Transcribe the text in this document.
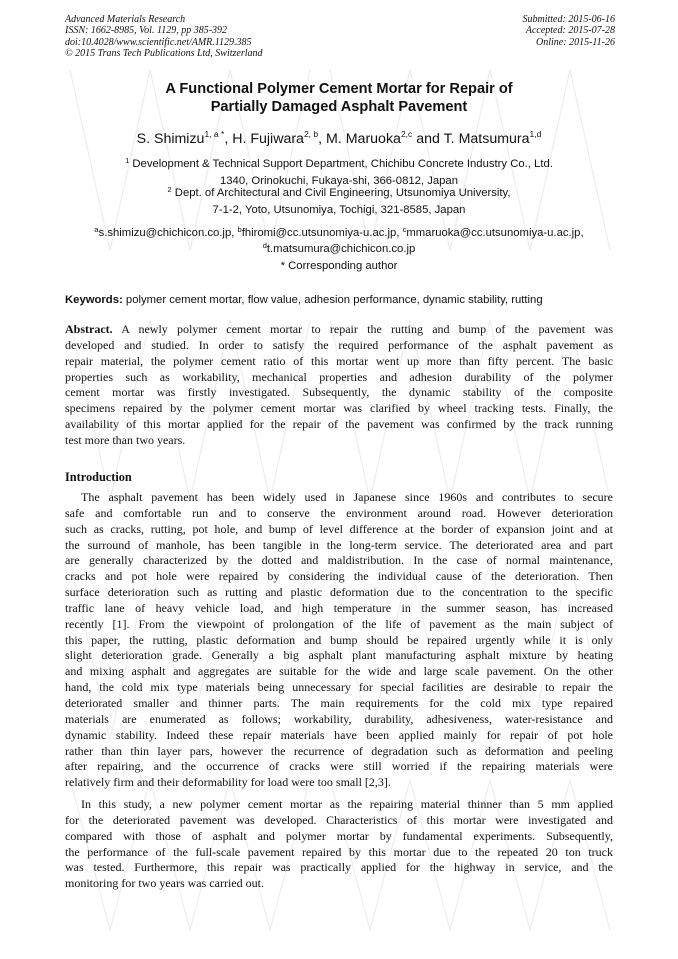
Advanced Materials Research
ISSN: 1662-8985, Vol. 1129, pp 385-392
doi:10.4028/www.scientific.net/AMR.1129.385
© 2015 Trans Tech Publications Ltd, Switzerland
Submitted: 2015-06-16
Accepted: 2015-07-28
Online: 2015-11-26
A Functional Polymer Cement Mortar for Repair of
Partially Damaged Asphalt Pavement
S. Shimizu$^{1, a *}$, H. Fujiwara$^{2, b}$, M. Maruoka$^{2,c}$ and T. Matsumura$^{1,d}$
$^1$ Development & Technical Support Department, Chichibu Concrete Industry Co., Ltd.
1340, Orinokuchi, Fukaya-shi, 366-0812, Japan
$^2$ Dept. of Architectural and Civil Engineering, Utsunomiya University,
7-1-2, Yoto, Utsunomiya, Tochigi, 321-8585, Japan
$^a$s.shimizu@chichicon.co.jp, $^b$fhiromi@cc.utsunomiya-u.ac.jp, $^c$mmaruoka@cc.utsunomiya-u.ac.jp,
$^d$t.matsumura@chichicon.co.jp
* Corresponding author
Keywords: polymer cement mortar, flow value, adhesion performance, dynamic stability, rutting
Abstract. A newly polymer cement mortar to repair the rutting and bump of the pavement was
developed and studied. In order to satisfy the required performance of the asphalt pavement as
repair material, the polymer cement ratio of this mortar went up more than fifty percent. The basic
properties such as workability, mechanical properties and adhesion durability of the polymer
cement mortar was firstly investigated. Subsequently, the dynamic stability of the composite
specimens repaired by the polymer cement mortar was clarified by wheel tracking tests. Finally, the
availability of this mortar applied for the repair of the pavement was confirmed by the track running
test more than two years.
Introduction
The asphalt pavement has been widely used in Japanese since 1960s and contributes to secure
safe and comfortable run and to conserve the environment around road. However deterioration
such as cracks, rutting, pot hole, and bump of level difference at the border of expansion joint and at
the surround of manhole, has been tangible in the long-term service. The deteriorated area and part
are generally characterized by the dotted and maldistribution. In the case of normal maintenance,
cracks and pot hole were repaired by considering the individual cause of the deterioration. Then
surface deterioration such as rutting and plastic deformation due to the concentration to the specific
traffic lane of heavy vehicle load, and high temperature in the summer season, has increased
recently [1]. From the viewpoint of prolongation of the life of pavement as the main subject of
this paper, the rutting, plastic deformation and bump should be repaired urgently while it is only
slight deterioration grade. Generally a big asphalt plant manufacturing asphalt mixture by heating
and mixing asphalt and aggregates are suitable for the wide and large scale pavement. On the other
hand, the cold mix type materials being unnecessary for special facilities are desirable to repair the
deteriorated smaller and thinner parts. The main requirements for the cold mix type repaired
materials are enumerated as follows; workability, durability, adhesiveness, water-resistance and
dynamic stability. Indeed these repair materials have been applied mainly for repair of pot hole
rather than thin layer pars, however the recurrence of degradation such as deformation and peeling
after repairing, and the occurrence of cracks were still worried if the repairing materials were
relatively firm and their deformability for load were too small [2,3].
In this study, a new polymer cement mortar as the repairing material thinner than 5 mm applied
for the deteriorated pavement was developed. Characteristics of this mortar were investigated and
compared with those of asphalt and polymer mortar by fundamental experiments. Subsequently,
the performance of the full-scale pavement repaired by this mortar due to the repeated 20 ton truck
was tested. Furthermore, this repair was practically applied for the highway in service, and the
monitoring for two years was carried out.
